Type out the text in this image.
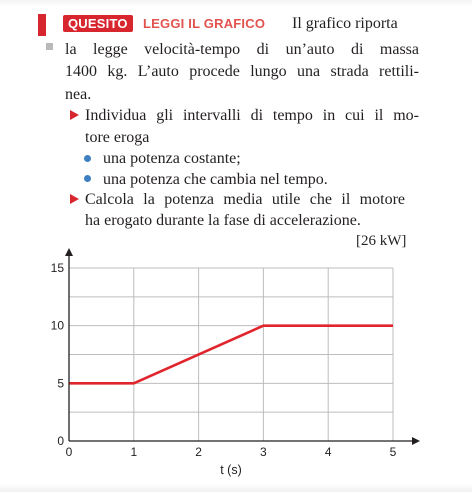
QUESITO	LEGGI IL GRAFICO Il grafico riporta
la legge velocità-tempo di un’auto di massa
1400 kg. L’auto procede lungo una strada rettili-
nea.
Individua gli intervalli di tempo in cui il mo-
tore eroga
una potenza costante;
una potenza che cambia nel tempo.
Calcola la potenza media utile che il motore
ha erogato durante la fase di accelerazione.
[26 kW]
0	1	2	3	4	5
0
5
10
15
t (s)
